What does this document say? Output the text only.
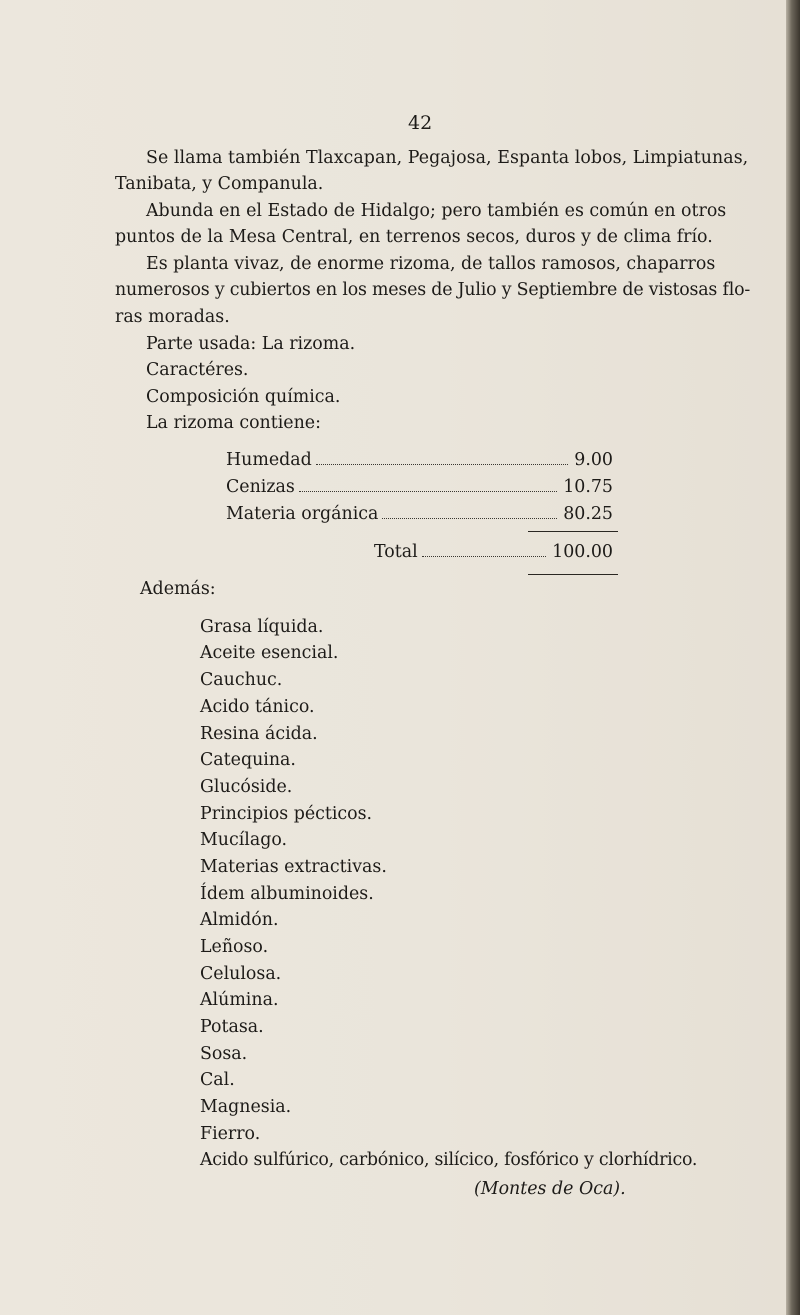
42
Se llama también Tlaxcapan, Pegajosa, Espanta lobos, Limpiatunas,
Tanibata, y Companula.
Abunda en el Estado de Hidalgo; pero también es común en otros
puntos de la Mesa Central, en terrenos secos, duros y de clima frío.
Es planta vivaz, de enorme rizoma, de tallos ramosos, chaparros
numerosos y cubiertos en los meses de Julio y Septiembre de vistosas flo-
ras moradas.
Parte usada: La rizoma.
Caractéres.
Composición química.
La rizoma contiene:
Humedad	9.00
Cenizas	10.75
Materia orgánica	80.25
Total	100.00
Además:
Grasa líquida.
Aceite esencial.
Cauchuc.
Acido tánico.
Resina ácida.
Catequina.
Glucóside.
Principios pécticos.
Mucílago.
Materias extractivas.
Ídem albuminoides.
Almidón.
Leñoso.
Celulosa.
Alúmina.
Potasa.
Sosa.
Cal.
Magnesia.
Fierro.
Acido sulfúrico, carbónico, silícico, fosfórico y clorhídrico.
(Montes de Oca).
